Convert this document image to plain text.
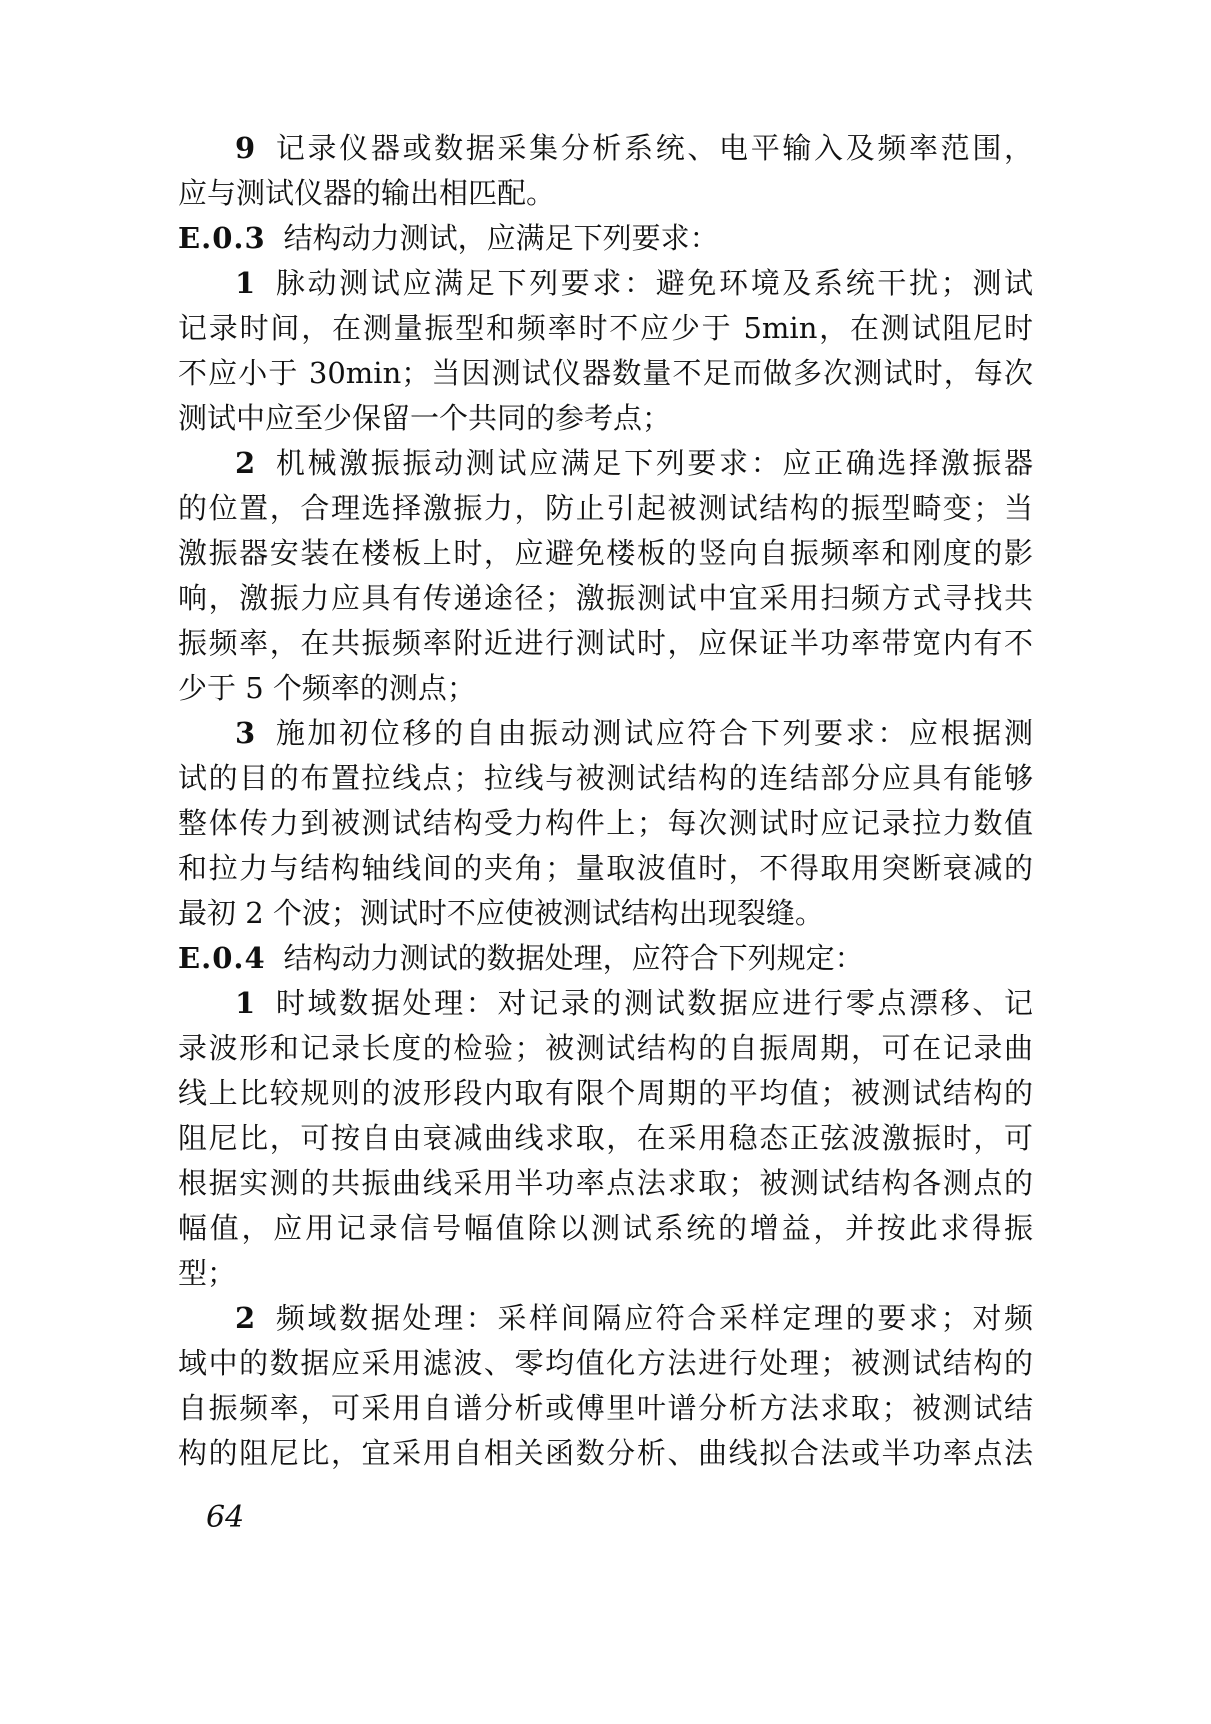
9 记录仪器或数据采集分析系统、电平输入及频率范围，
应与测试仪器的输出相匹配。
E.0.3 结构动力测试，应满足下列要求：
1 脉动测试应满足下列要求：避免环境及系统干扰；测试
记录时间，在测量振型和频率时不应少于 5min，在测试阻尼时
不应小于 30min；当因测试仪器数量不足而做多次测试时，每次
测试中应至少保留一个共同的参考点；
2 机械激振振动测试应满足下列要求：应正确选择激振器
的位置，合理选择激振力，防止引起被测试结构的振型畸变；当
激振器安装在楼板上时，应避免楼板的竖向自振频率和刚度的影
响，激振力应具有传递途径；激振测试中宜采用扫频方式寻找共
振频率，在共振频率附近进行测试时，应保证半功率带宽内有不
少于 5 个频率的测点；
3 施加初位移的自由振动测试应符合下列要求：应根据测
试的目的布置拉线点；拉线与被测试结构的连结部分应具有能够
整体传力到被测试结构受力构件上；每次测试时应记录拉力数值
和拉力与结构轴线间的夹角；量取波值时，不得取用突断衰减的
最初 2 个波；测试时不应使被测试结构出现裂缝。
E.0.4 结构动力测试的数据处理，应符合下列规定：
1 时域数据处理：对记录的测试数据应进行零点漂移、记
录波形和记录长度的检验；被测试结构的自振周期，可在记录曲
线上比较规则的波形段内取有限个周期的平均值；被测试结构的
阻尼比，可按自由衰减曲线求取，在采用稳态正弦波激振时，可
根据实测的共振曲线采用半功率点法求取；被测试结构各测点的
幅值，应用记录信号幅值除以测试系统的增益，并按此求得振
型；
2 频域数据处理：采样间隔应符合采样定理的要求；对频
域中的数据应采用滤波、零均值化方法进行处理；被测试结构的
自振频率，可采用自谱分析或傅里叶谱分析方法求取；被测试结
构的阻尼比，宜采用自相关函数分析、曲线拟合法或半功率点法
64
